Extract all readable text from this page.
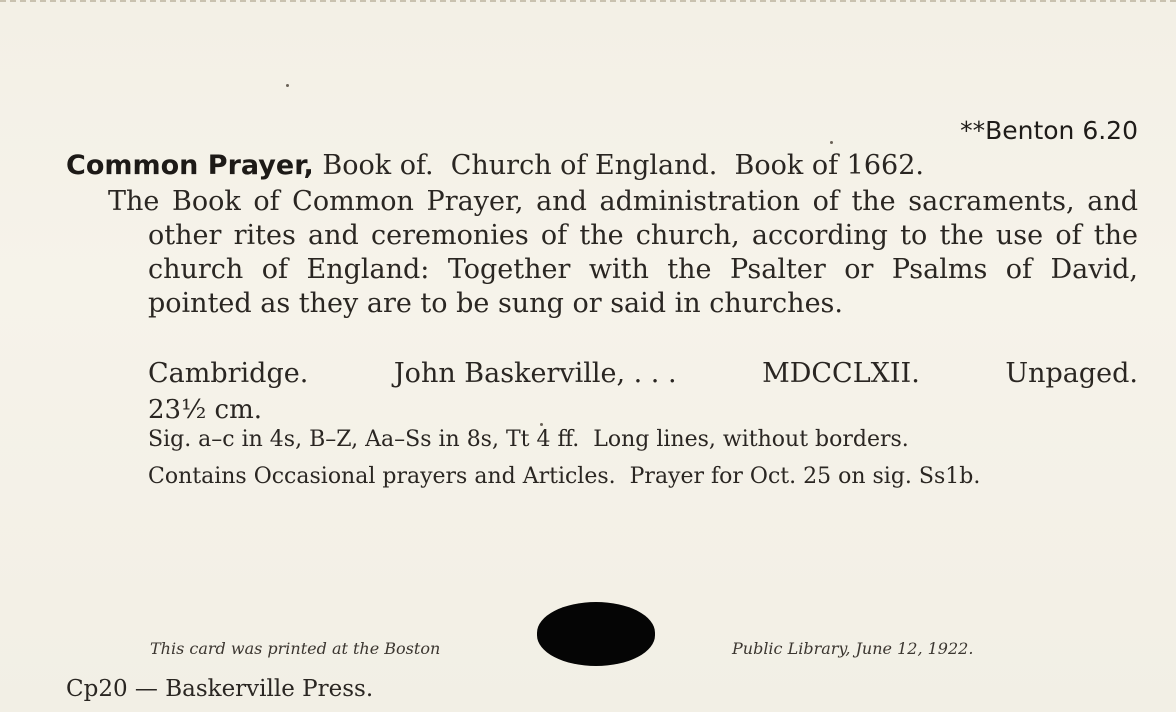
**Benton 6.20
Common Prayer, Book of.  Church of England.  Book of 1662.
The Book of Common Prayer, and administration of the sacraments, and other rites and ceremonies of the church, according to the use of the church of England: Together with the Psalter or Psalms of David, pointed as they are to be sung or said in churches.
Cambridge.	John Baskerville, . . .	MDCCLXII.	Unpaged.
23½ cm.
Sig. a–c in 4s, B–Z, Aa–Ss in 8s, Tt 4 ff.  Long lines, without borders.
Contains Occasional prayers and Articles.  Prayer for Oct. 25 on sig. Ss1b.
This card was printed at the Boston	Public Library, June 12, 1922.
Cp20 — Baskerville Press.
